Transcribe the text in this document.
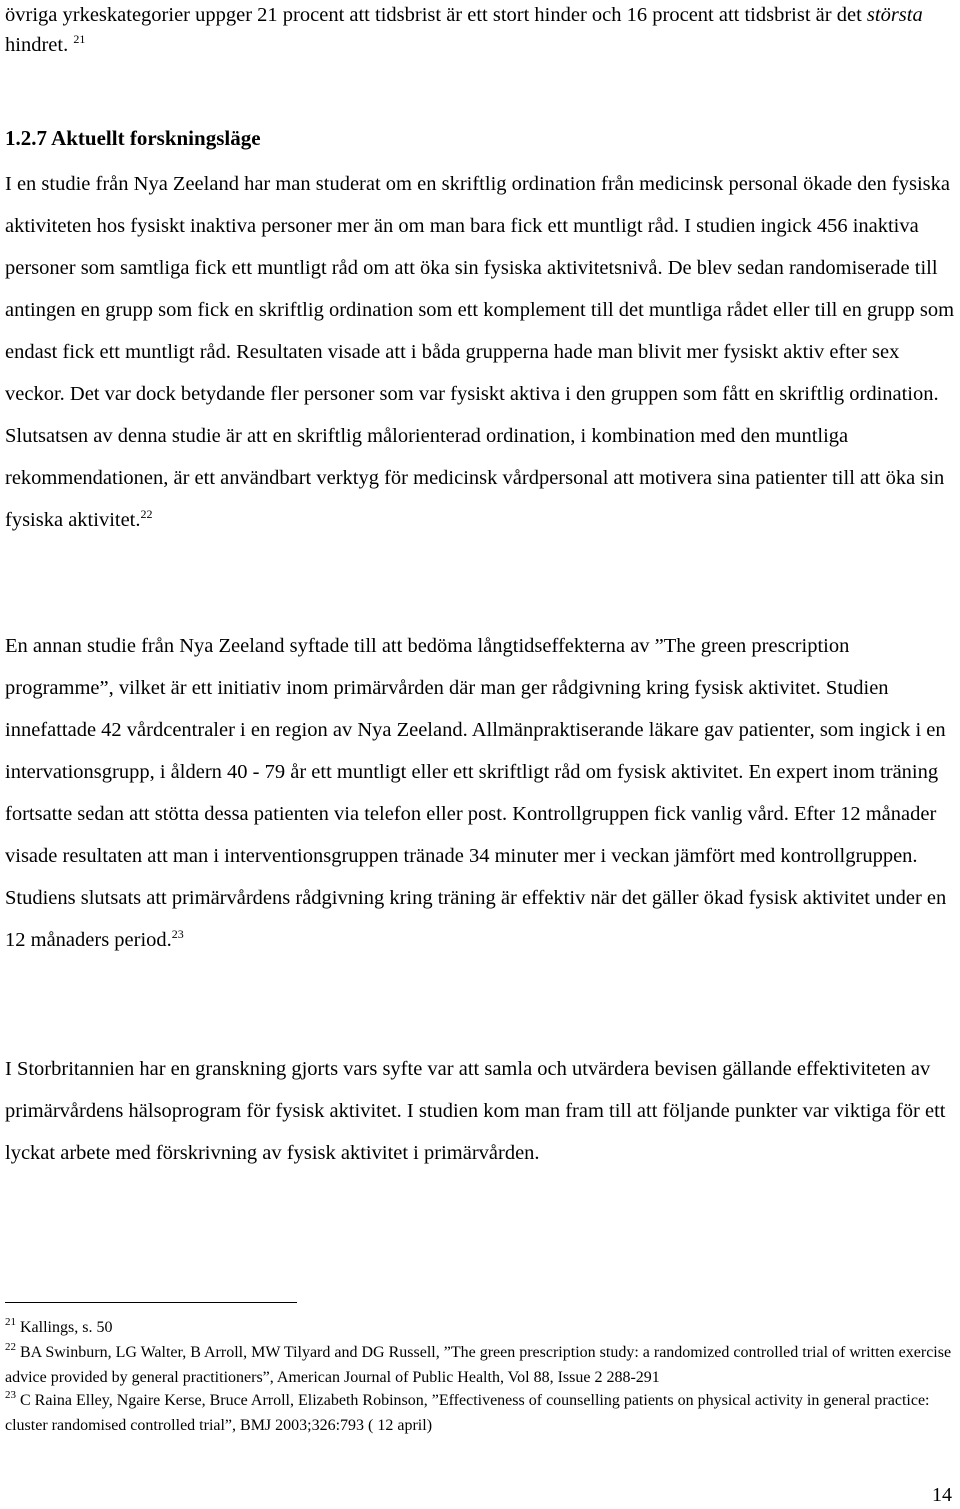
övriga yrkeskategorier uppger 21 procent att tidsbrist är ett stort hinder och 16 procent att tidsbrist är det största hindret. $^{21}$
1.2.7 Aktuellt forskningsläge
I en studie från Nya Zeeland har man studerat om en skriftlig ordination från medicinsk personal ökade den fysiska aktiviteten hos fysiskt inaktiva personer mer än om man bara fick ett muntligt råd. I studien ingick 456 inaktiva personer som samtliga fick ett muntligt råd om att öka sin fysiska aktivitetsnivå. De blev sedan randomiserade till antingen en grupp som fick en skriftlig ordination som ett komplement till det muntliga rådet eller till en grupp som endast fick ett muntligt råd. Resultaten visade att i båda grupperna hade man blivit mer fysiskt aktiv efter sex veckor. Det var dock betydande fler personer som var fysiskt aktiva i den gruppen som fått en skriftlig ordination. Slutsatsen av denna studie är att en skriftlig målorienterad ordination, i kombination med den muntliga rekommendationen, är ett användbart verktyg för medicinsk vårdpersonal att motivera sina patienter till att öka sin fysiska aktivitet.$^{22}$
En annan studie från Nya Zeeland syftade till att bedöma långtidseffekterna av ”The green prescription programme”, vilket är ett initiativ inom primärvården där man ger rådgivning kring fysisk aktivitet. Studien innefattade 42 vårdcentraler i en region av Nya Zeeland. Allmänpraktiserande läkare gav patienter, som ingick i en intervationsgrupp, i åldern 40 - 79 år ett muntligt eller ett skriftligt råd om fysisk aktivitet. En expert inom träning fortsatte sedan att stötta dessa patienten via telefon eller post. Kontrollgruppen fick vanlig vård. Efter 12 månader visade resultaten att man i interventionsgruppen tränade 34 minuter mer i veckan jämfört med kontrollgruppen. Studiens slutsats att primärvårdens rådgivning kring träning är effektiv när det gäller ökad fysisk aktivitet under en 12 månaders period.$^{23}$
I Storbritannien har en granskning gjorts vars syfte var att samla och utvärdera bevisen gällande effektiviteten av primärvårdens hälsoprogram för fysisk aktivitet. I studien kom man fram till att följande punkter var viktiga för ett lyckat arbete med förskrivning av fysisk aktivitet i primärvården.

$^{21}$ Kallings, s. 50

$^{22}$ BA Swinburn, LG Walter, B Arroll, MW Tilyard and DG Russell, ”The green prescription study: a randomized controlled trial of written exercise advice provided by general practitioners”, American Journal of Public Health, Vol 88, Issue 2 288-291

$^{23}$ C Raina Elley, Ngaire Kerse, Bruce Arroll, Elizabeth Robinson, ”Effectiveness of counselling patients on physical activity in general practice: cluster randomised controlled trial”, BMJ 2003;326:793 ( 12 april)

14
